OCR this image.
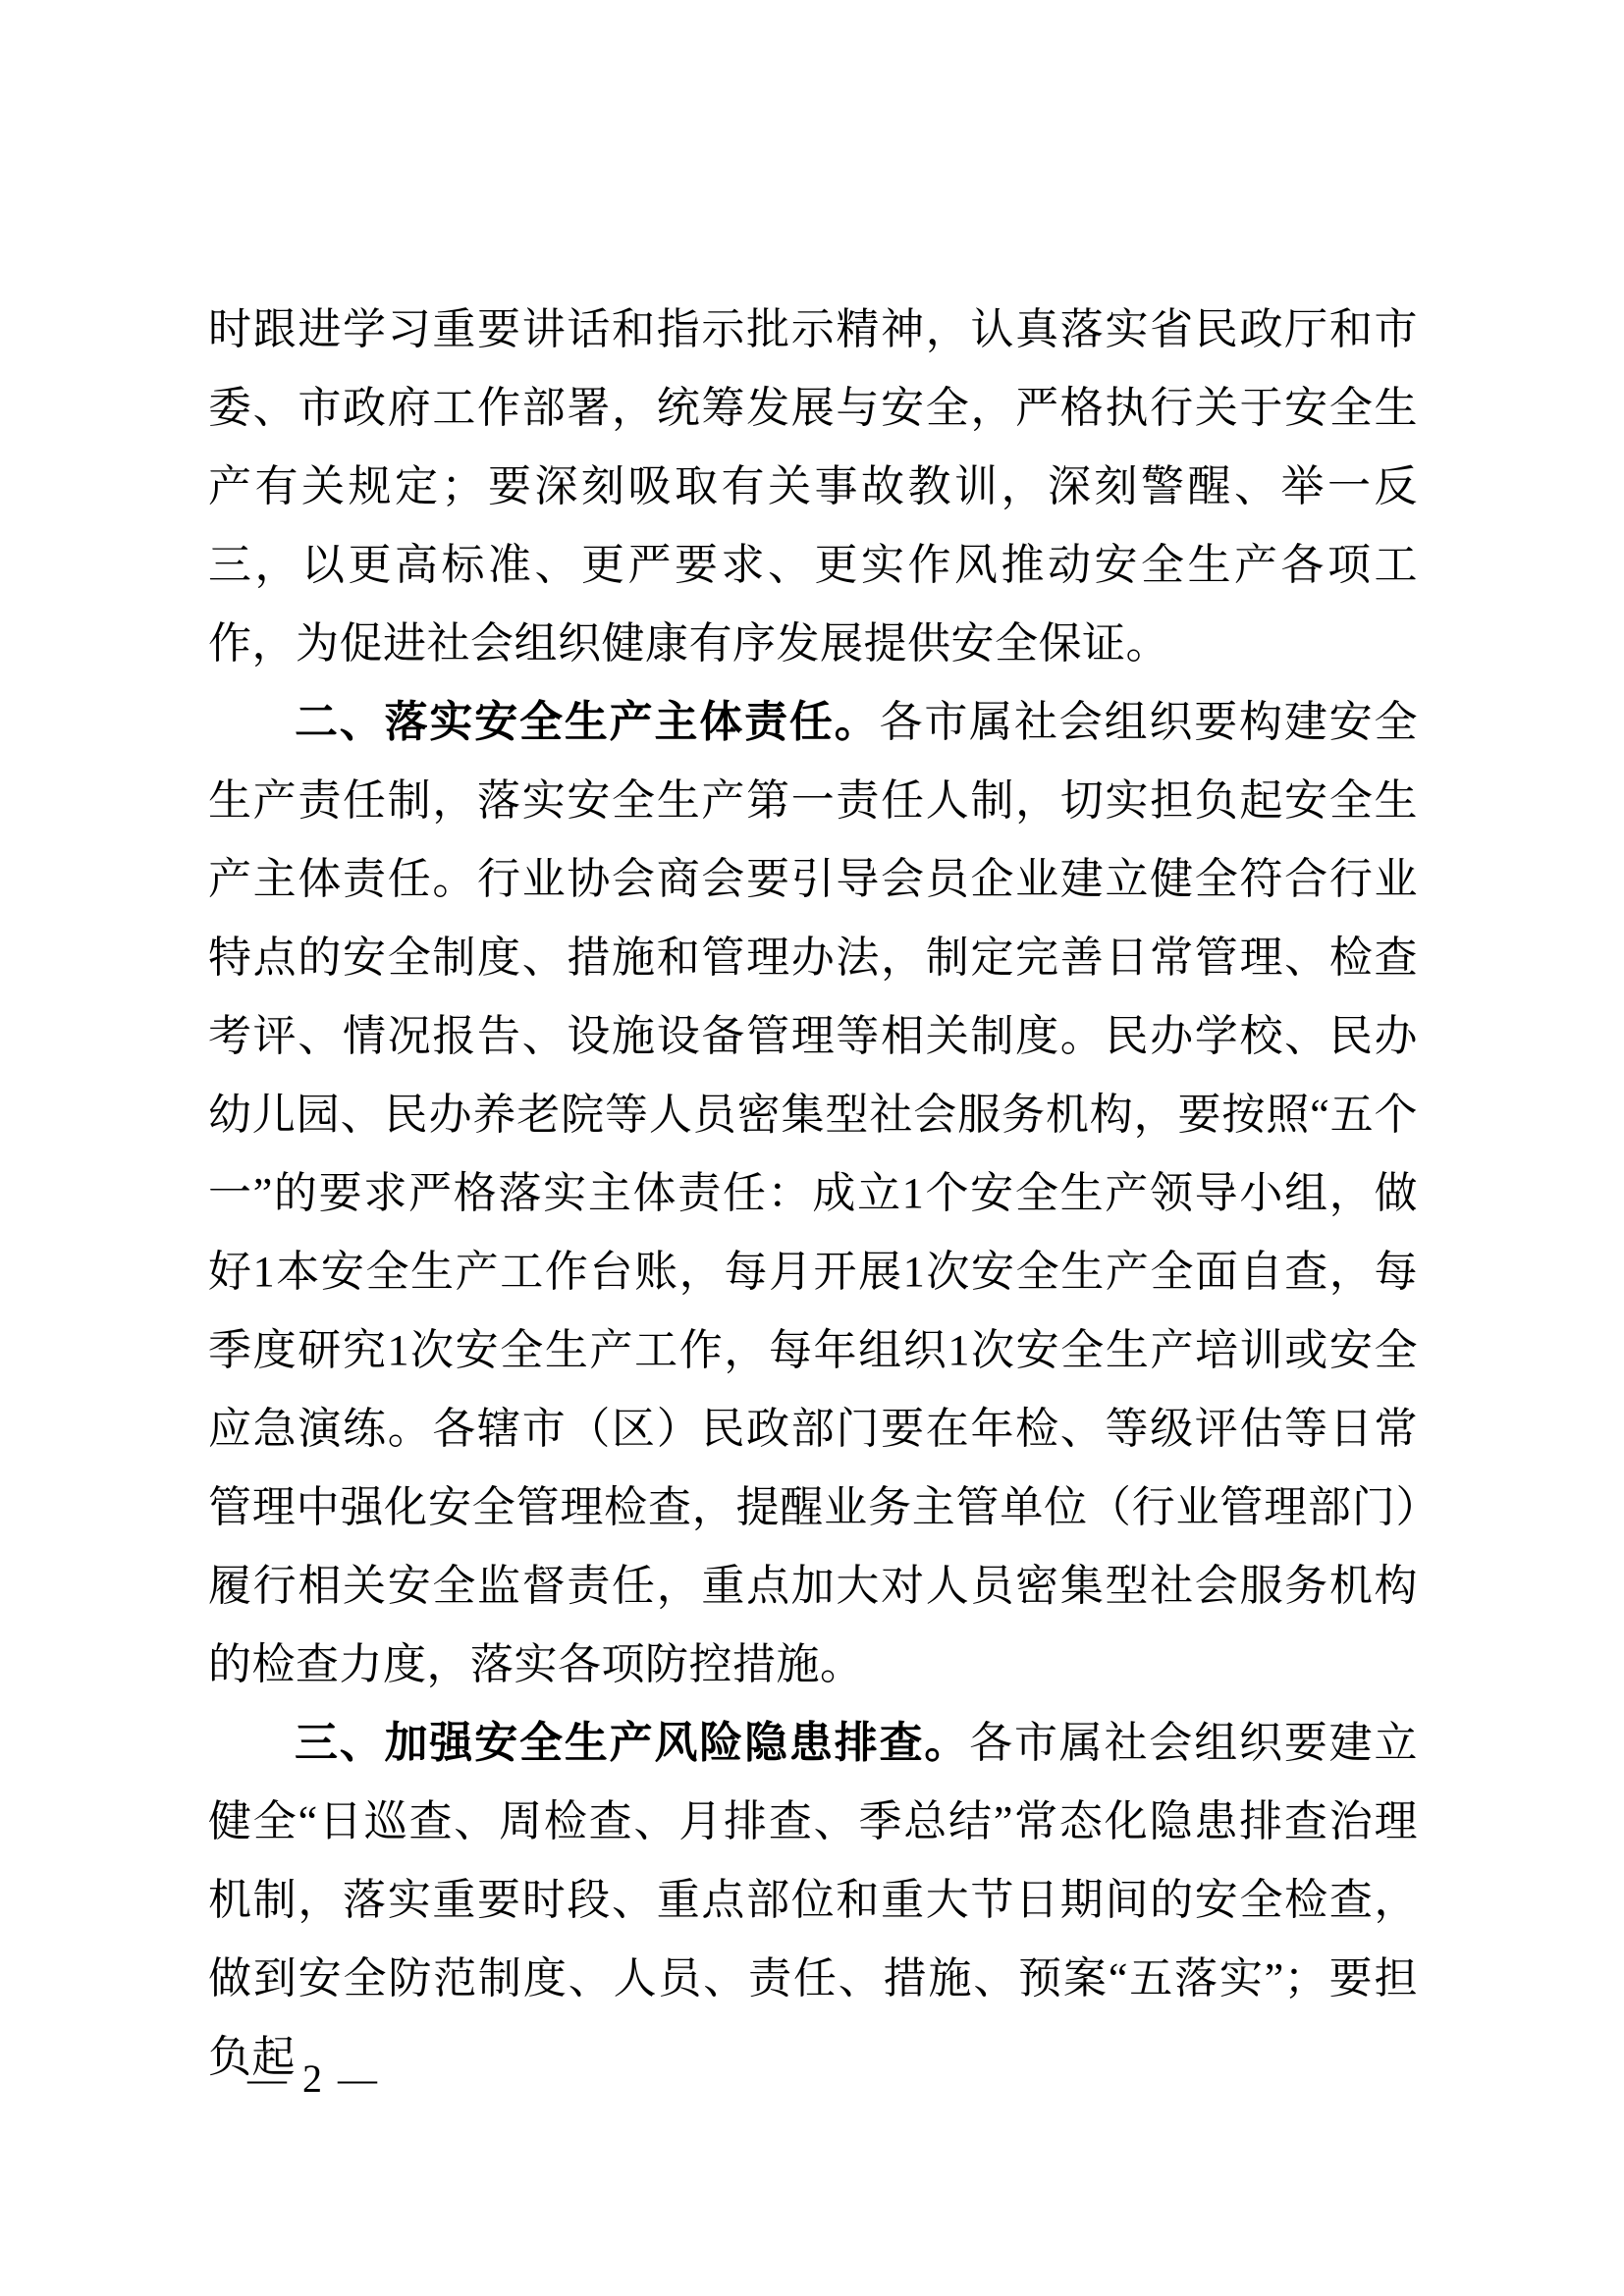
时跟进学习重要讲话和指示批示精神，认真落实省民政厅和市委、市政府工作部署，统筹发展与安全，严格执行关于安全生产有关规定；要深刻吸取有关事故教训，深刻警醒、举一反三，以更高标准、更严要求、更实作风推动安全生产各项工作，为促进社会组织健康有序发展提供安全保证。

二、落实安全生产主体责任。各市属社会组织要构建安全生产责任制，落实安全生产第一责任人制，切实担负起安全生产主体责任。行业协会商会要引导会员企业建立健全符合行业特点的安全制度、措施和管理办法，制定完善日常管理、检查考评、情况报告、设施设备管理等相关制度。民办学校、民办幼儿园、民办养老院等人员密集型社会服务机构，要按照“五个一”的要求严格落实主体责任：成立1个安全生产领导小组，做好1本安全生产工作台账，每月开展1次安全生产全面自查，每季度研究1次安全生产工作，每年组织1次安全生产培训或安全应急演练。各辖市（区）民政部门要在年检、等级评估等日常管理中强化安全管理检查，提醒业务主管单位（行业管理部门）履行相关安全监督责任，重点加大对人员密集型社会服务机构的检查力度，落实各项防控措施。

三、加强安全生产风险隐患排查。各市属社会组织要建立健全“日巡查、周检查、月排查、季总结”常态化隐患排查治理机制，落实重要时段、重点部位和重大节日期间的安全检查，做到安全防范制度、人员、责任、措施、预案“五落实”；要担负起

— 2 —
